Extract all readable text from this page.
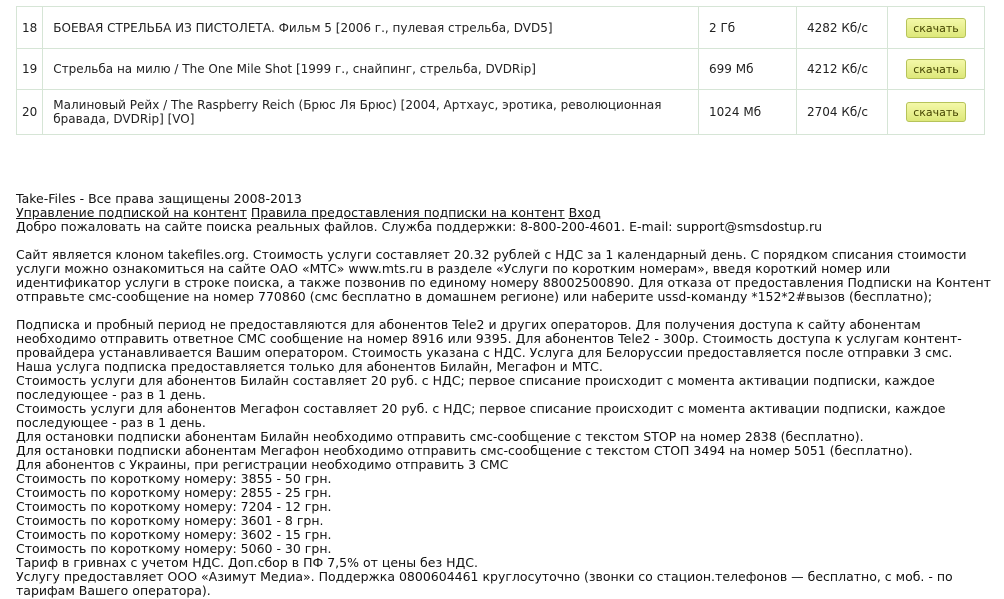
18	БОЕВАЯ СТРЕЛЬБА ИЗ ПИСТОЛЕТА. Фильм 5 [2006 г., пулевая стрельба, DVD5]	2 Гб	4282 Кб/с	скачать
19	Стрельба на милю / The One Mile Shot [1999 г., снайпинг, стрельба, DVDRip]	699 Мб	4212 Кб/с	скачать
20	Малиновый Рейх / The Raspberry Reich (Брюс Ля Брюс) [2004, Артхаус, эротика, революционная бравада, DVDRip] [VO]	1024 Мб	2704 Кб/с	скачать

Take-Files - Все права защищены 2008-2013

Управление подпиской на контент Правила предоставления подписки на контент Вход

Добро пожаловать на сайте поиска реальных файлов. Служба поддержки: 8-800-200-4601. E-mail: support@smsdostup.ru

Сайт является клоном takefiles.org. Стоимость услуги составляет 20.32 рублей с НДС за 1 календарный день. С порядком списания стоимости услуги можно ознакомиться на сайте ОАО «МТС» www.mts.ru в разделе «Услуги по коротким номерам», введя короткий номер или идентификатор услуги в строке поиска, а также позвонив по единому номеру 88002500890. Для отказа от предоставления Подписки на Контент отправьте смс-сообщение на номер 770860 (смс бесплатно в домашнем регионе) или наберите ussd-команду *152*2#вызов (бесплатно);

Подписка и пробный период не предоставляются для абонентов Tele2 и других операторов. Для получения доступа к сайту абонентам необходимо отправить ответное СМС сообщение на номер 8916 или 9395. Для абонентов Tele2 - 300р. Стоимость доступа к услугам контент-провайдера устанавливается Вашим оператором. Стоимость указана с НДС. Услуга для Белоруссии предоставляется после отправки 3 смс.

Наша услуга подписка предоставляется только для абонентов Билайн, Мегафон и МТС.

Стоимость услуги для абонентов Билайн составляет 20 руб. с НДС; первое списание происходит с момента активации подписки, каждое последующее - раз в 1 день.

Стоимость услуги для абонентов Мегафон составляет 20 руб. с НДС; первое списание происходит с момента активации подписки, каждое последующее - раз в 1 день.

Для остановки подписки абонентам Билайн необходимо отправить смс-сообщение с текстом STOP на номер 2838 (бесплатно).

Для остановки подписки абонентам Мегафон необходимо отправить смс-сообщение с текстом СТОП 3494 на номер 5051 (бесплатно).

Для абонентов с Украины, при регистрации необходимо отправить 3 СМС

Стоимость по короткому номеру: 3855 - 50 грн.

Стоимость по короткому номеру: 2855 - 25 грн.

Стоимость по короткому номеру: 7204 - 12 грн.

Стоимость по короткому номеру: 3601 - 8 грн.

Стоимость по короткому номеру: 3602 - 15 грн.

Стоимость по короткому номеру: 5060 - 30 грн.

Тариф в гривнах с учетом НДС. Доп.сбор в ПФ 7,5% от цены без НДС.

Услугу предоставляет ООО «Азимут Медиа». Поддержка 0800604461 круглосуточно (звонки со стацион.телефонов — бесплатно, с моб. - по тарифам Вашего оператора).
